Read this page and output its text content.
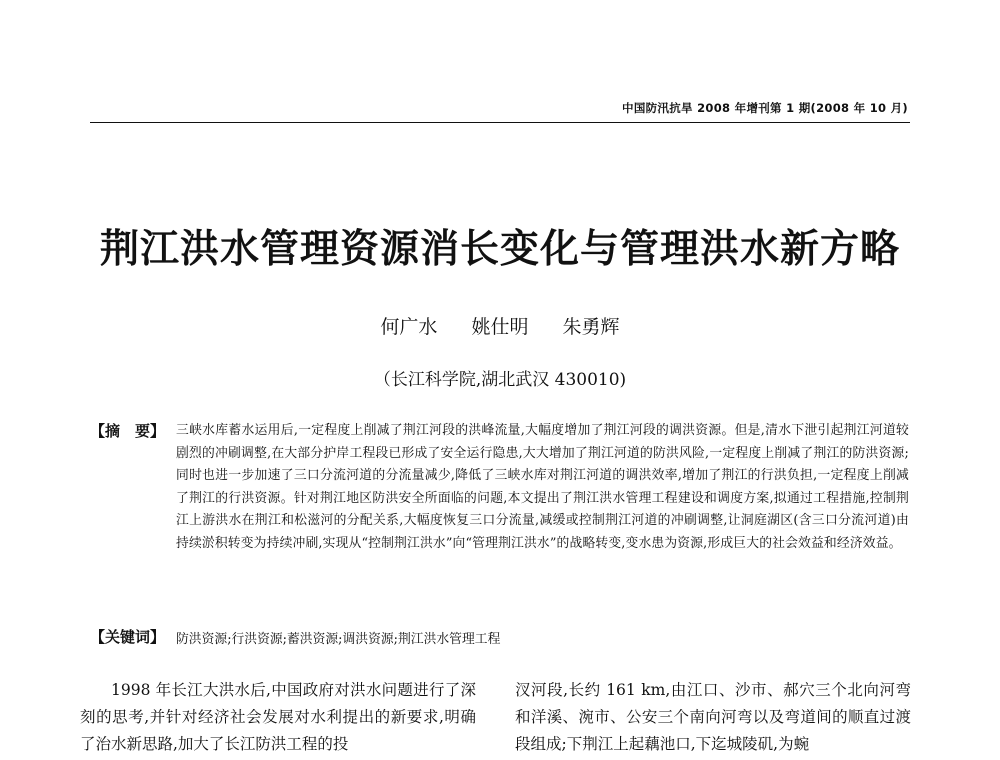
中国防汛抗旱 2008 年增刊第 1 期(2008 年 10 月)
荆江洪水管理资源消长变化与管理洪水新方略
何广水 姚仕明 朱勇辉
（长江科学院,湖北武汉 430010)
【摘　要】 三峡水库蓄水运用后,一定程度上削减了荆江河段的洪峰流量,大幅度增加了荆江河段的调洪资源。但是,清水下泄引起荆江河道较剧烈的冲刷调整,在大部分护岸工程段已形成了安全运行隐患,大大增加了荆江河道的防洪风险,一定程度上削减了荆江的防洪资源;同时也进一步加速了三口分流河道的分流量减少,降低了三峡水库对荆江河道的调洪效率,增加了荆江的行洪负担,一定程度上削减了荆江的行洪资源。针对荆江地区防洪安全所面临的问题,本文提出了荆江洪水管理工程建设和调度方案,拟通过工程措施,控制荆江上游洪水在荆江和松滋河的分配关系,大幅度恢复三口分流量,减缓或控制荆江河道的冲刷调整,让洞庭湖区(含三口分流河道)由持续淤积转变为持续冲刷,实现从“控制荆江洪水”向“管理荆江洪水”的战略转变,变水患为资源,形成巨大的社会效益和经济效益。
【关键词】 防洪资源;行洪资源;蓄洪资源;调洪资源;荆江洪水管理工程
1998 年长江大洪水后,中国政府对洪水问题进行了深刻的思考,并针对经济社会发展对水利提出的新要求,明确了治水新思路,加大了长江防洪工程的投
汊河段,长约 161 km,由江口、沙市、郝穴三个北向河弯和洋溪、涴市、公安三个南向河弯以及弯道间的顺直过渡段组成;下荆江上起藕池口,下迄城陵矶,为蜿
